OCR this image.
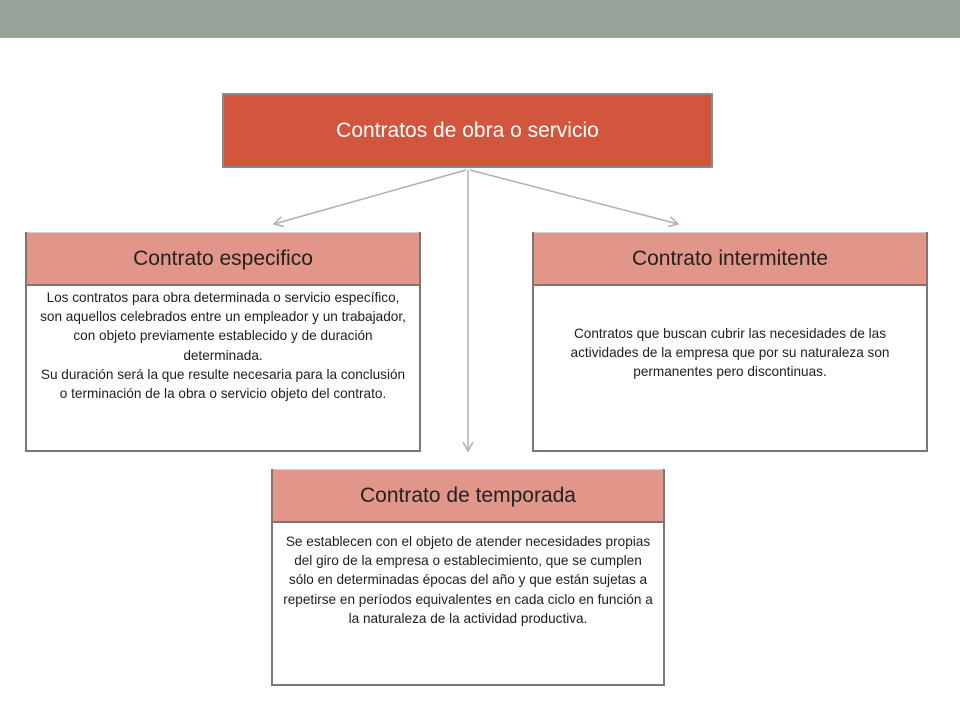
Contratos de obra o servicio
Contrato especifico

Los contratos para obra determinada o servicio específico, son aquellos celebrados entre un empleador y un trabajador, con objeto previamente establecido y de duración determinada.

Su duración será la que resulte necesaria para la conclusión o terminación de la obra o servicio objeto del contrato.

Contrato intermitente

Contratos que buscan cubrir las necesidades de las actividades de la empresa que por su naturaleza son permanentes pero discontinuas.

Contrato de temporada

Se establecen con el objeto de atender necesidades propias del giro de la empresa o establecimiento, que se cumplen sólo en determinadas épocas del año y que están sujetas a repetirse en períodos equivalentes en cada ciclo en función a la naturaleza de la actividad productiva.
